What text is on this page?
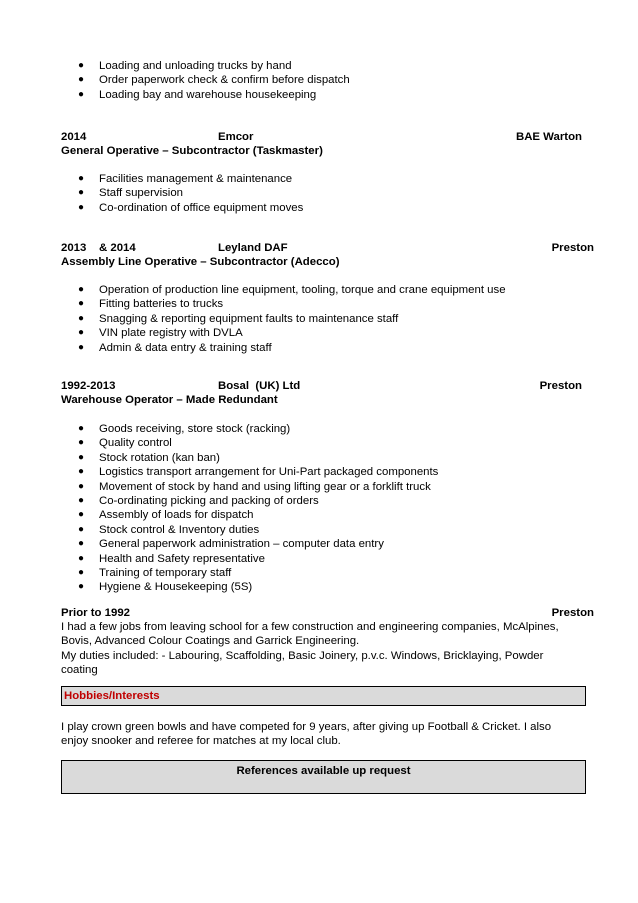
● Loading and unloading trucks by hand
● Order paperwork check & confirm before dispatch
● Loading bay and warehouse housekeeping
2014	Emcor	BAE Warton
General Operative – Subcontractor (Taskmaster)
● Facilities management & maintenance
● Staff supervision
● Co-ordination of office equipment moves
2013    & 2014	Leyland DAF	Preston
Assembly Line Operative – Subcontractor (Adecco)
● Operation of production line equipment, tooling, torque and crane equipment use
● Fitting batteries to trucks
● Snagging & reporting equipment faults to maintenance staff
● VIN plate registry with DVLA
● Admin & data entry & training staff
1992-2013	Bosal  (UK) Ltd	Preston
Warehouse Operator – Made Redundant
● Goods receiving, store stock (racking)
● Quality control
● Stock rotation (kan ban)
● Logistics transport arrangement for Uni-Part packaged components
● Movement of stock by hand and using lifting gear or a forklift truck
● Co-ordinating picking and packing of orders
● Assembly of loads for dispatch
● Stock control & Inventory duties
● General paperwork administration – computer data entry
● Health and Safety representative
● Training of temporary staff
● Hygiene & Housekeeping (5S)
Prior to 1992	Preston
I had a few jobs from leaving school for a few construction and engineering companies, McAlpines,
Bovis, Advanced Colour Coatings and Garrick Engineering.
My duties included: - Labouring, Scaffolding, Basic Joinery, p.v.c. Windows, Bricklaying, Powder
coating
Hobbies/Interests
I play crown green bowls and have competed for 9 years, after giving up Football & Cricket. I also
enjoy snooker and referee for matches at my local club.
References available up request
